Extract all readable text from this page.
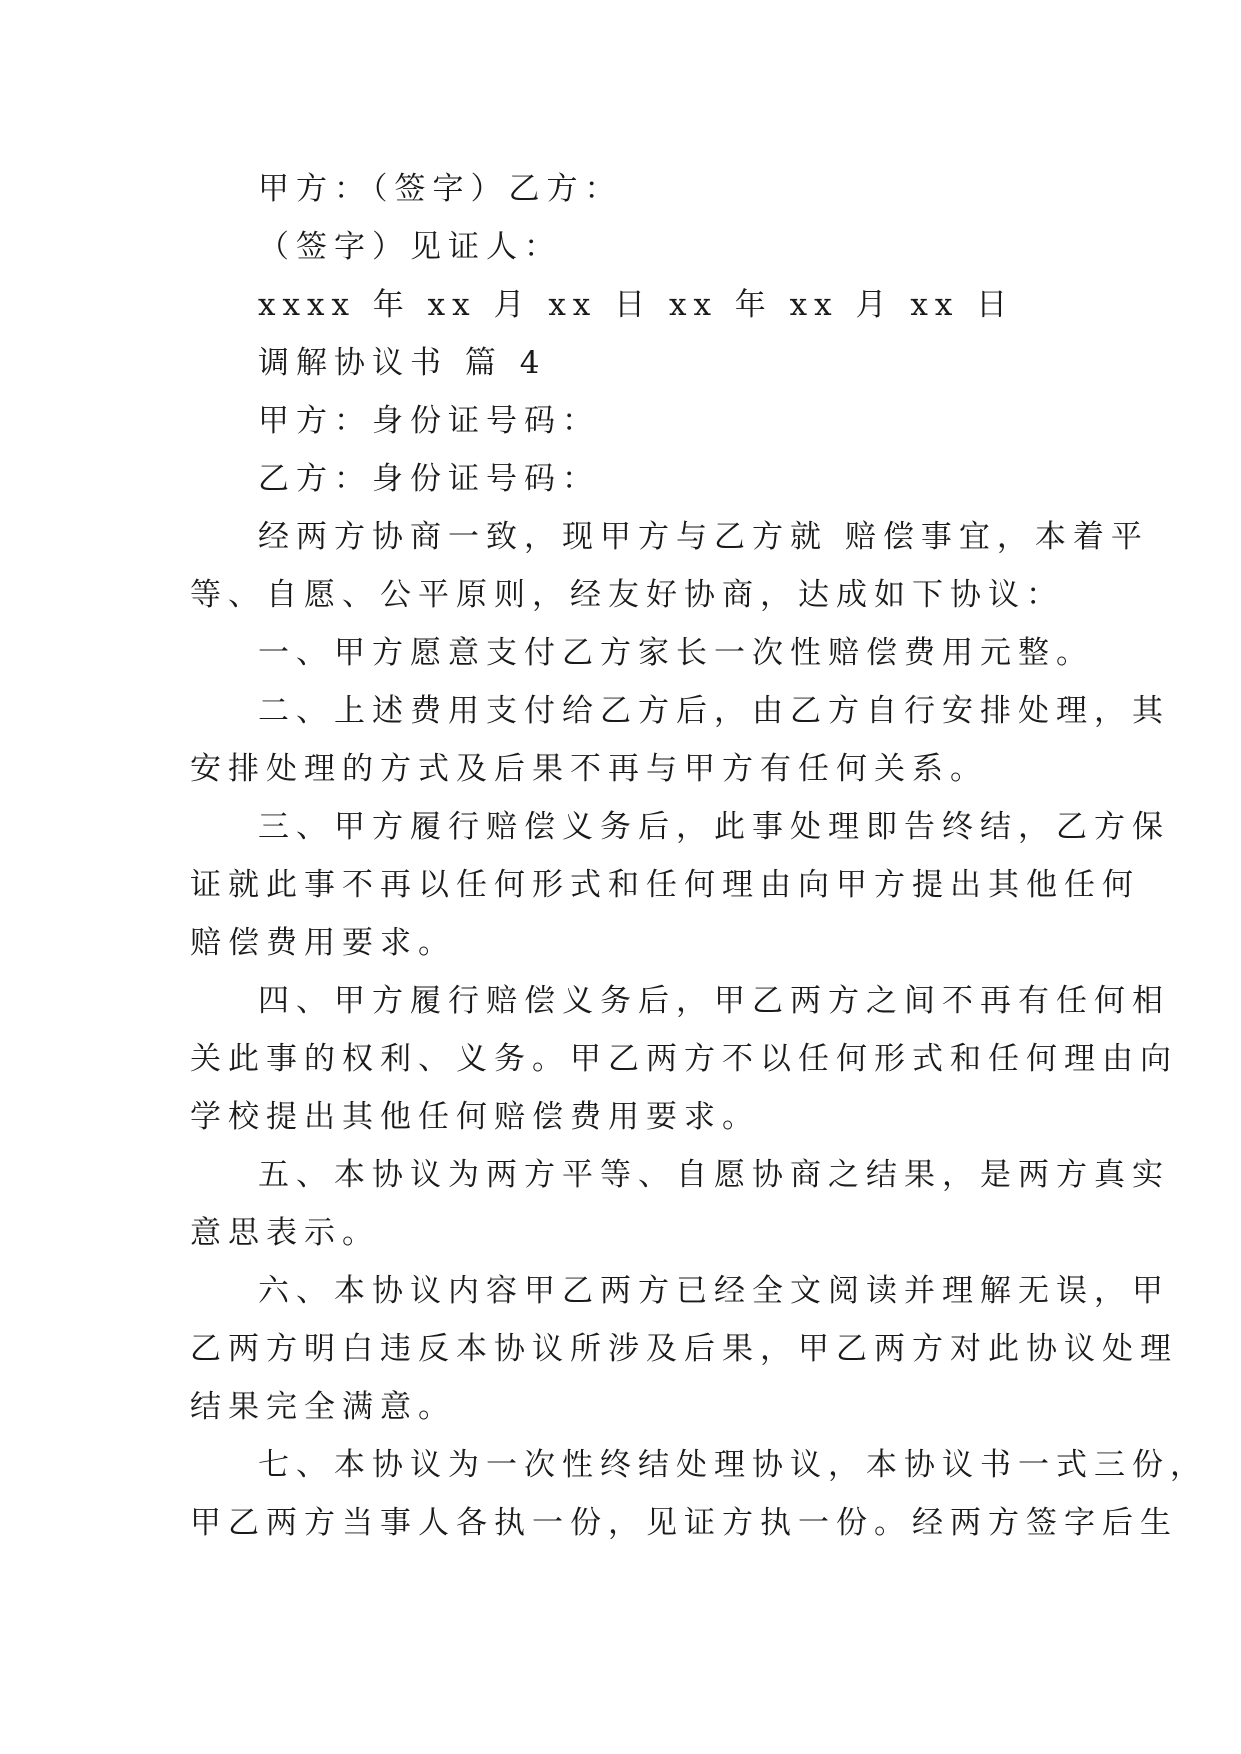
甲方：（签字）乙方：

（签字）见证人：

xxxx 年 xx 月 xx 日 xx 年 xx 月 xx 日

调解协议书 篇 4

甲方：身份证号码：

乙方：身份证号码：

经两方协商一致，现甲方与乙方就 赔偿事宜，本着平

等、自愿、公平原则，经友好协商，达成如下协议：

一、甲方愿意支付乙方家长一次性赔偿费用元整。

二、上述费用支付给乙方后，由乙方自行安排处理，其

安排处理的方式及后果不再与甲方有任何关系。

三、甲方履行赔偿义务后，此事处理即告终结，乙方保

证就此事不再以任何形式和任何理由向甲方提出其他任何

赔偿费用要求。

四、甲方履行赔偿义务后，甲乙两方之间不再有任何相

关此事的权利、义务。甲乙两方不以任何形式和任何理由向

学校提出其他任何赔偿费用要求。

五、本协议为两方平等、自愿协商之结果，是两方真实

意思表示。

六、本协议内容甲乙两方已经全文阅读并理解无误，甲

乙两方明白违反本协议所涉及后果，甲乙两方对此协议处理

结果完全满意。

七、本协议为一次性终结处理协议，本协议书一式三份，

甲乙两方当事人各执一份，见证方执一份。经两方签字后生
